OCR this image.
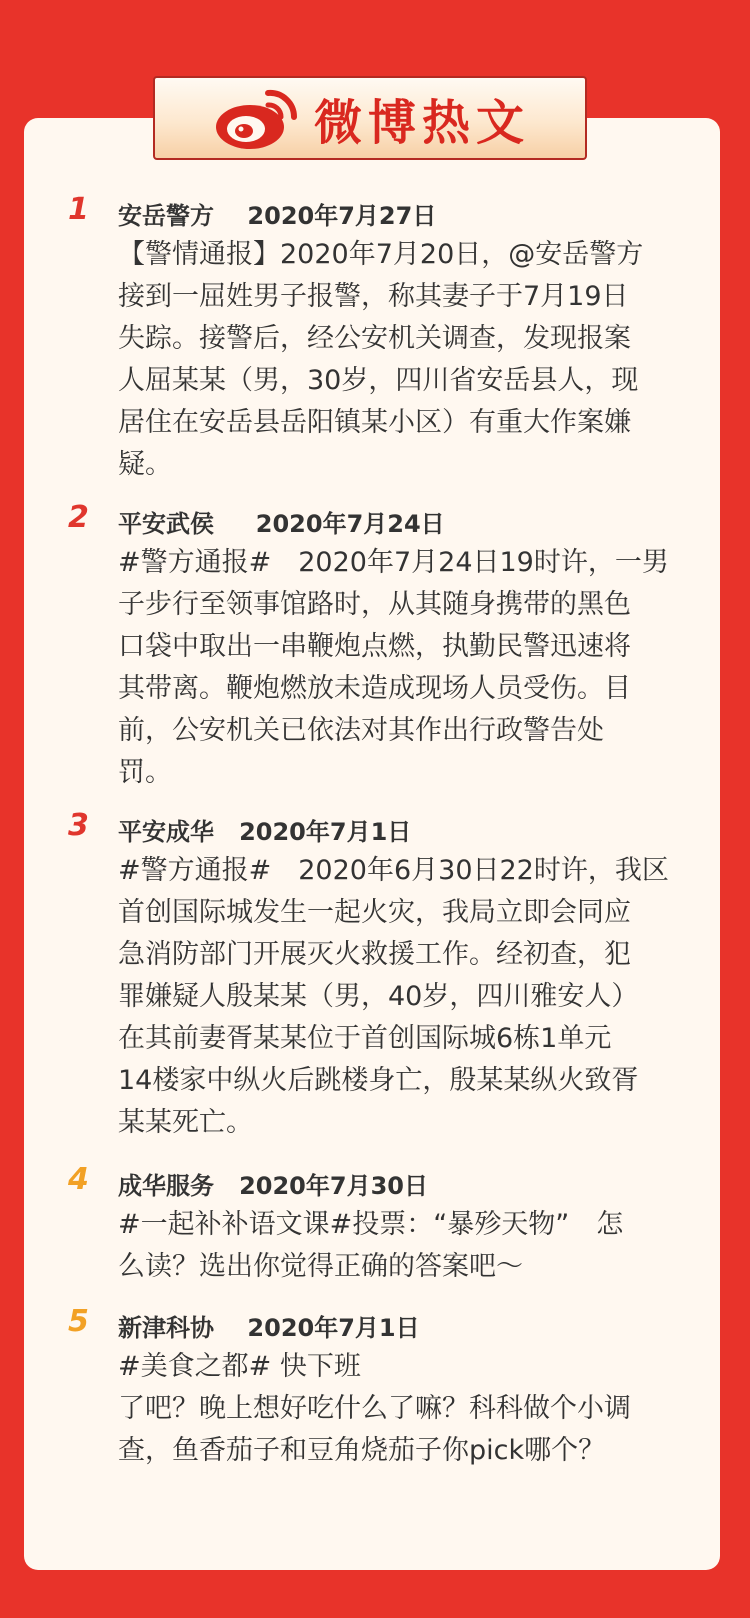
微博热文
1 安岳警方 2020年7月27日
【警情通报】2020年7月20日，@安岳警方
接到一屈姓男子报警，称其妻子于7月19日
失踪。接警后，经公安机关调查，发现报案
人屈某某（男，30岁，四川省安岳县人，现
居住在安岳县岳阳镇某小区）有重大作案嫌
疑。
2 平安武侯 2020年7月24日
#警方通报#　2020年7月24日19时许，一男
子步行至领事馆路时，从其随身携带的黑色
口袋中取出一串鞭炮点燃，执勤民警迅速将
其带离。鞭炮燃放未造成现场人员受伤。目
前，公安机关已依法对其作出行政警告处
罚。
3 平安成华 2020年7月1日
#警方通报#　2020年6月30日22时许，我区
首创国际城发生一起火灾，我局立即会同应
急消防部门开展灭火救援工作。经初查，犯
罪嫌疑人殷某某（男，40岁，四川雅安人）
在其前妻胥某某位于首创国际城6栋1单元
14楼家中纵火后跳楼身亡，殷某某纵火致胥
某某死亡。
4 成华服务 2020年7月30日
#一起补补语文课#投票：“暴殄天物”　怎
么读？选出你觉得正确的答案吧～
5 新津科协 2020年7月1日
#美食之都# 快下班
了吧？晚上想好吃什么了嘛？科科做个小调
查，鱼香茄子和豆角烧茄子你pick哪个？
